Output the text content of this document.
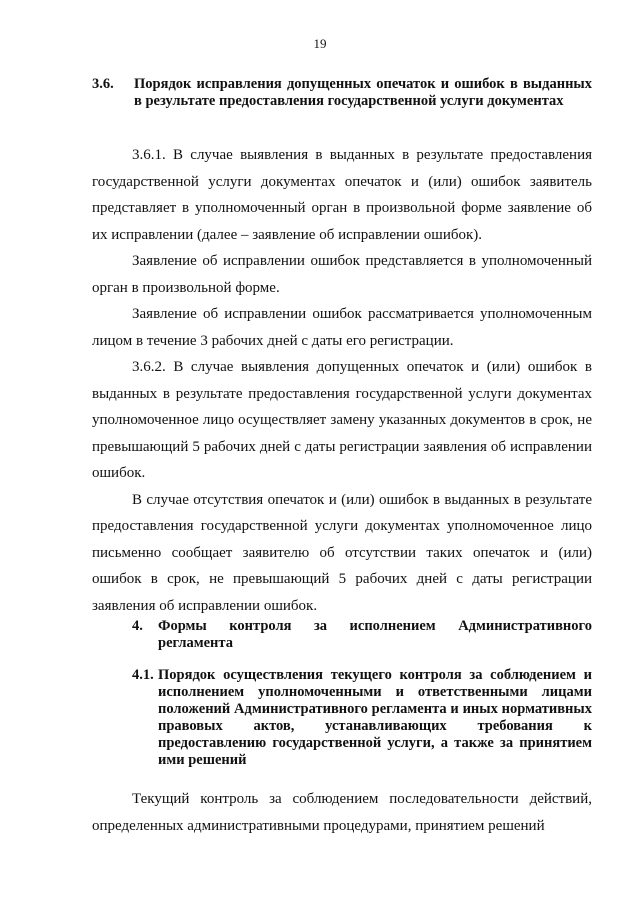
19
3.6.	Порядок исправления допущенных опечаток и ошибок в выданных в результате предоставления государственной услуги документах

3.6.1. В случае выявления в выданных в результате предоставления государственной услуги документах опечаток и (или) ошибок заявитель представляет в уполномоченный орган в произвольной форме заявление об их исправлении (далее – заявление об исправлении ошибок).

Заявление об исправлении ошибок представляется в уполномоченный орган в произвольной форме.

Заявление об исправлении ошибок рассматривается уполномоченным лицом в течение 3 рабочих дней с даты его регистрации.

3.6.2. В случае выявления допущенных опечаток и (или) ошибок в выданных в результате предоставления государственной услуги документах уполномоченное лицо осуществляет замену указанных документов в срок, не превышающий 5 рабочих дней с даты регистрации заявления об исправлении ошибок.

В случае отсутствия опечаток и (или) ошибок в выданных в результате предоставления государственной услуги документах уполномоченное лицо письменно сообщает заявителю об отсутствии таких опечаток и (или) ошибок в срок, не превышающий 5 рабочих дней с даты регистрации заявления об исправлении ошибок.

4.	Формы контроля за исполнением Административного регламента
4.1. Порядок осуществления текущего контроля за соблюдением и исполнением уполномоченными и ответственными лицами положений Административного регламента и иных нормативных правовых актов, устанавливающих требования к предоставлению государственной услуги, а также за принятием ими решений

Текущий контроль за соблюдением последовательности действий, определенных административными процедурами, принятием решений
